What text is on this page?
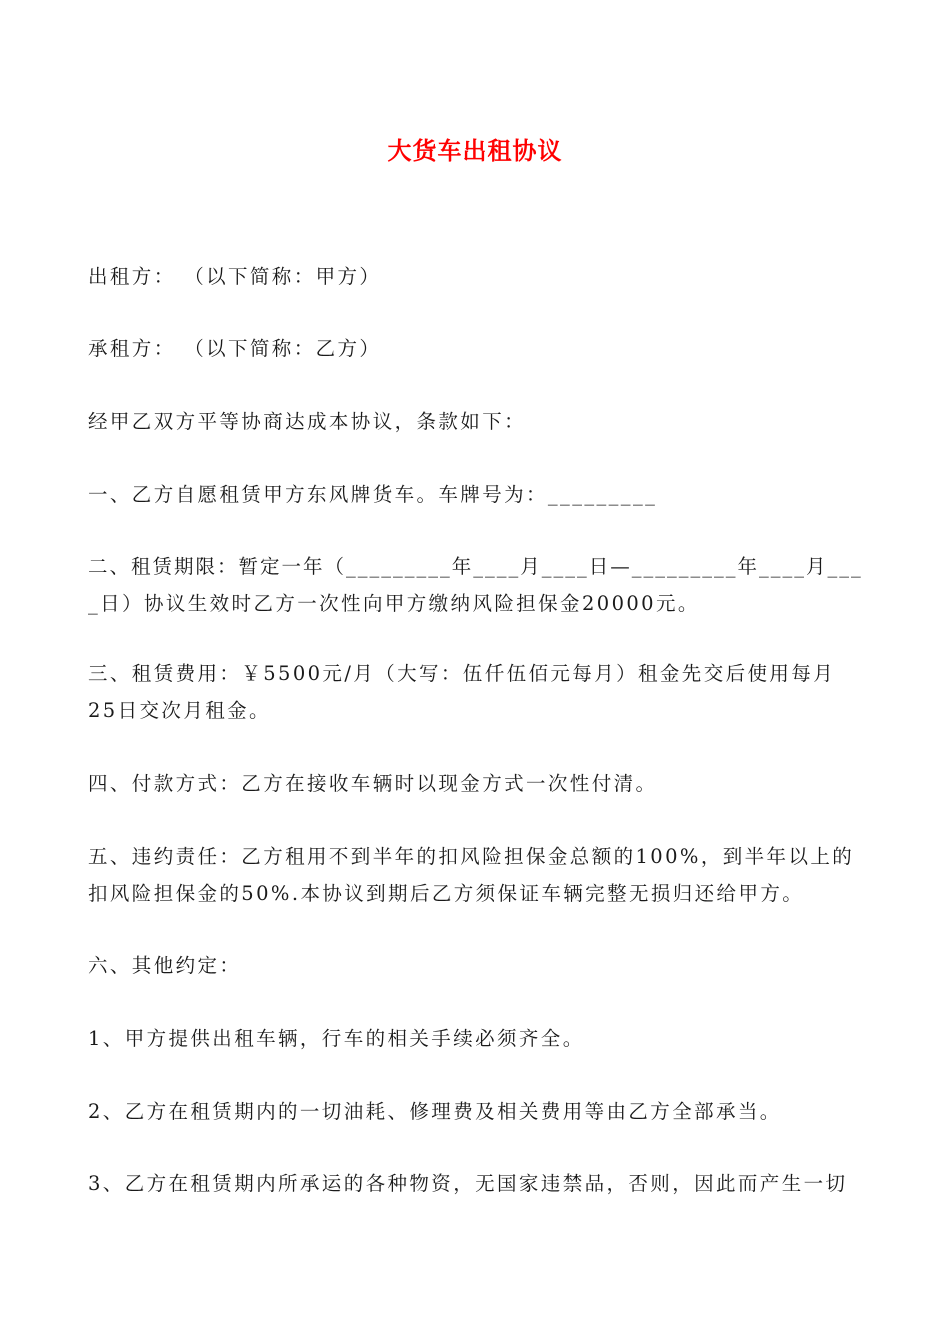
大货车出租协议
出租方： （以下简称：甲方）
承租方： （以下简称：乙方）
经甲乙双方平等协商达成本协议，条款如下：
一、乙方自愿租赁甲方东风牌货车。车牌号为：_________
二、租赁期限：暂定一年（_________年____月____日—_________年____月___
_日）协议生效时乙方一次性向甲方缴纳风险担保金20000元。
三、租赁费用：￥5500元/月（大写：伍仟伍佰元每月）租金先交后使用每月
25日交次月租金。
四、付款方式：乙方在接收车辆时以现金方式一次性付清。
五、违约责任：乙方租用不到半年的扣风险担保金总额的100%，到半年以上的
扣风险担保金的50%.本协议到期后乙方须保证车辆完整无损归还给甲方。
六、其他约定：
1、甲方提供出租车辆，行车的相关手续必须齐全。
2、乙方在租赁期内的一切油耗、修理费及相关费用等由乙方全部承当。
3、乙方在租赁期内所承运的各种物资，无国家违禁品，否则，因此而产生一切
